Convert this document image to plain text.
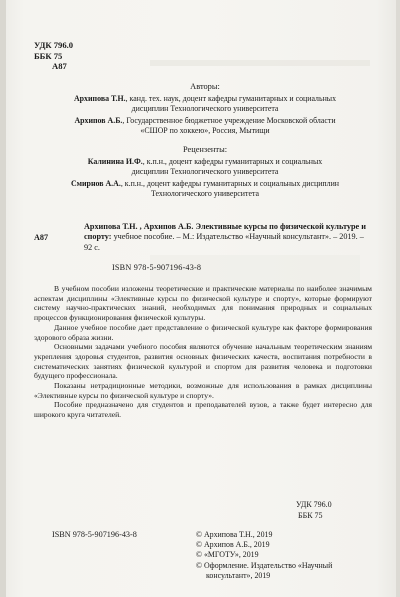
УДК 796.0
ББК 75
А87
Авторы:
Архипова Т.Н., канд. тех. наук, доцент кафедры гуманитарных и социальных
дисциплин Технологического университета
Архипов А.Б., Государственное бюджетное учреждение Московской области
«СШОР по хоккею», Россия, Мытищи
Рецензенты:
Калинина И.Ф., к.п.н., доцент кафедры гуманитарных и социальных
дисциплин Технологического университета
Смирнов А.А., к.п.н., доцент кафедры гуманитарных и социальных дисциплин
Технологического университета
А87
Архипова Т.Н. , Архипов А.Б. Элективные курсы по физической культуре и спорту: учебное пособие. – М.: Издательство «Научный консультант». – 2019. – 92 с.
ISBN 978-5-907196-43-8

В учебном пособии изложены теоретические и практические материалы по наиболее значимым аспектам дисциплины «Элективные курсы по физической культуре и спорту», которые формируют систему научно-практических знаний, необходимых для понимания природных и социальных процессов функционирования физической культуры.

Данное учебное пособие дает представление о физической культуре как факторе формирования здорового образа жизни.

Основными задачами учебного пособия являются обучение начальным теоретическим знаниям укрепления здоровья студентов, развития основных физических качеств, воспитания потребности в систематических занятиях физической культурой и спортом для развития человека и подготовки будущего профессионала.

Показаны нетрадиционные методики, возможные для использования в рамках дисциплины «Элективные курсы по физической культуре и спорту».

Пособие предназначено для студентов и преподавателей вузов, а также будет интересно для широкого круга читателей.

УДК 796.0
ББК 75
ISBN 978-5-907196-43-8	© Архипова Т.Н., 2019
© Архипов А.Б., 2019
© «МГОТУ», 2019
© Оформление. Издательство «Научный консультант», 2019
